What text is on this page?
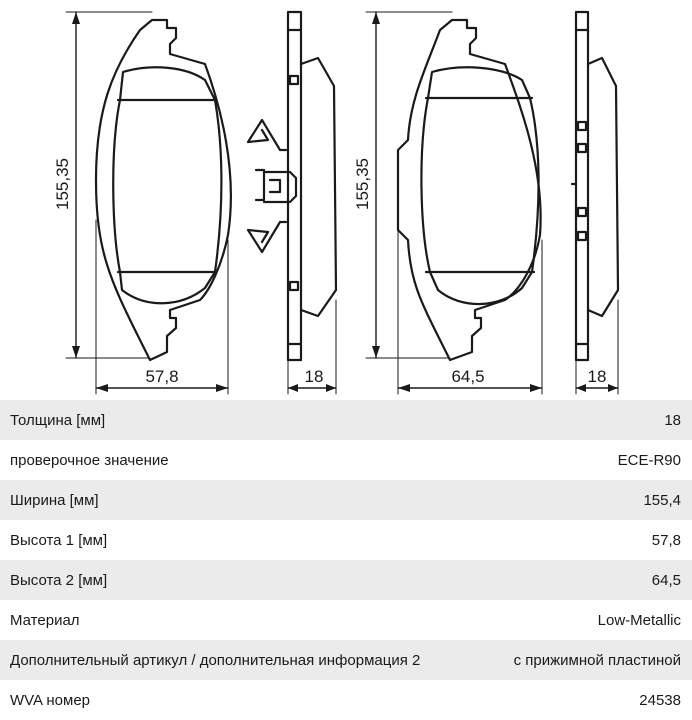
155,35
57,8	18
155,35
64,5	18
Толщина [мм]	18
проверочное значение	ECE-R90
Ширина [мм]	155,4
Высота 1 [мм]	57,8
Высота 2 [мм]	64,5
Материал	Low-Metallic
Дополнительный артикул / дополнительная информация 2	с прижимной пластиной
WVA номер	24538
